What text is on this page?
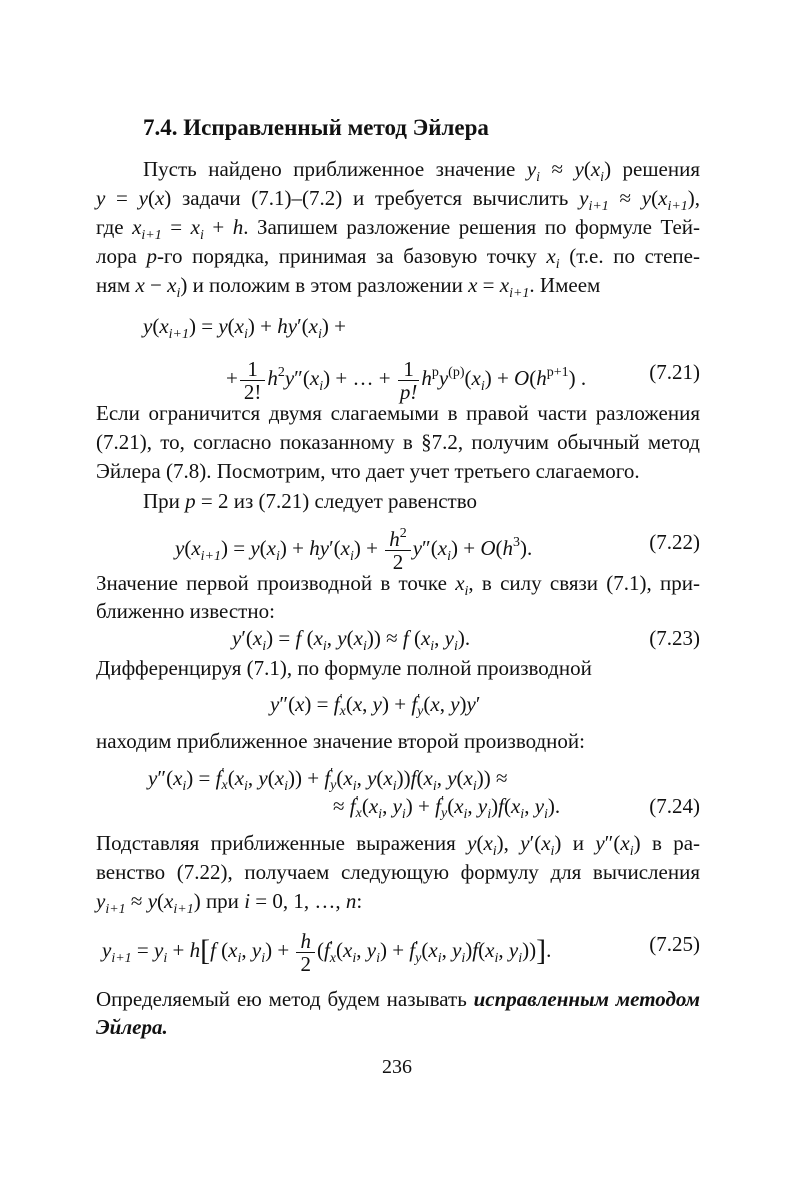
7.4. Исправленный метод Эйлера
Пусть найдено приближенное значение $y_i \approx y(x_i)$ решения
y = y(x) задачи (7.1)–(7.2) и требуется вычислить $y_{i+1} \approx y(x_{i+1})$,
где $x_{i+1} = x_i + h$. Запишем разложение решения по формуле Тей-
лора p-го порядка, принимая за базовую точку $x_i$ (т.е. по степе-
ням $x - x_i$) и положим в этом разложении $x = x_{i+1}$. Имеем
$y(x_{i+1}) = y(x_i) + hy'(x_i)$ +
+ $\frac{1}{2!} h^2y''(x_i)$ + … + $\frac{1}{p!} h^py^{(p)}(x_i) + O(h^{p+1})$ .	(7.21)
Если ограничится двумя слагаемыми в правой части разложения
(7.21), то, согласно показанному в §7.2, получим обычный метод
Эйлера (7.8). Посмотрим, что дает учет третьего слагаемого.
При p = 2 из (7.21) следует равенство
$y(x_{i+1}) = y(x_i) + hy'(x_i) + \frac{h^2}{2} y''(x_i) + O(h^3)$.	(7.22)
Значение первой производной в точке $x_i$, в силу связи (7.1), при-
ближенно известно:
$y'(x_i) = f$ ($x_i$, $y(x_i)) \approx f$ ($x_i$, $y_i$).	(7.23)
Дифференцируя (7.1), по формуле полной производной
y″(x) = f ′
x (x, y) + f ′
y (x, y)y′
находим приближенное значение второй производной:
$y''(x_i) = f$ ′
x ($x_i$, $y(x_i)) + f$ ′
y ($x_i$, $y(x_i))f(x_i$, $y(x_i)$) ≈
≈ f ′
x ($x_i$, $y_i) + f$ ′
y ($x_i$, $y_i)f(x_i$, $y_i$).	(7.24)
Подставляя приближенные выражения $y(x_i)$, $y'(x_i)$ и $y''(x_i)$ в ра-
венство (7.22), получаем следующую формулу для вычисления
$y_{i+1} \approx y(x_{i+1})$ при i = 0, 1, …, n:
$y_{i+1} = y_i + h[f$ ($x_i$, $y_i) + \frac{h}{2} (f$ ′
x ($x_i$, $y_i) + f$ ′
y ($x_i$, $y_i)f(x_i$, $y_i$))].	(7.25)
Определяемый ею метод будем называть исправленным методом
Эйлера.
236
